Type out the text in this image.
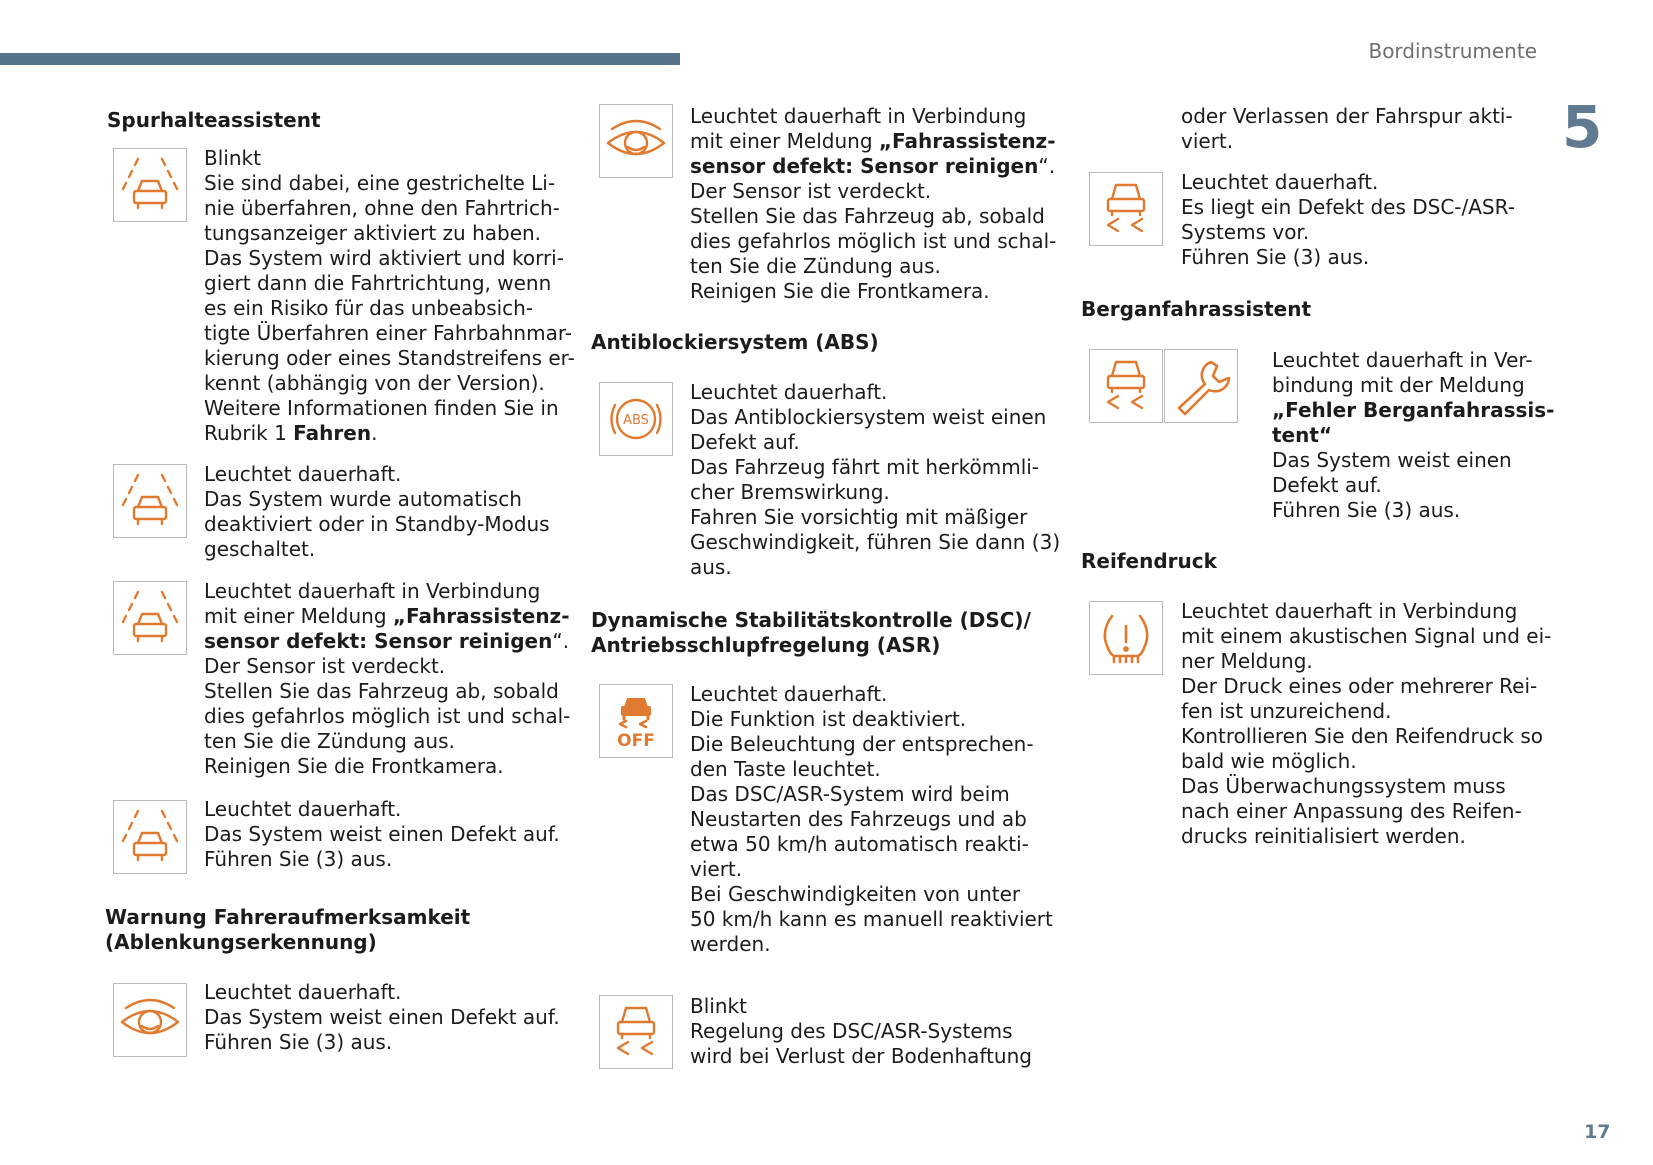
Bordinstrumente
5
17
Spurhalteassistent
Blinkt
Sie sind dabei, eine gestrichelte Li-
nie überfahren, ohne den Fahrtrich-
tungsanzeiger aktiviert zu haben.
Das System wird aktiviert und korri-
giert dann die Fahrtrichtung, wenn
es ein Risiko für das unbeabsich-
tigte Überfahren einer Fahrbahnmar-
kierung oder eines Standstreifens er-
kennt (abhängig von der Version).
Weitere Informationen finden Sie in
Rubrik 1 Fahren.
Leuchtet dauerhaft.
Das System wurde automatisch
deaktiviert oder in Standby-Modus
geschaltet.
Leuchtet dauerhaft in Verbindung
mit einer Meldung „Fahrassistenz-
sensor defekt: Sensor reinigen“.
Der Sensor ist verdeckt.
Stellen Sie das Fahrzeug ab, sobald
dies gefahrlos möglich ist und schal-
ten Sie die Zündung aus.
Reinigen Sie die Frontkamera.
Leuchtet dauerhaft.
Das System weist einen Defekt auf.
Führen Sie (3) aus.
Warnung Fahreraufmerksamkeit
(Ablenkungserkennung)
Leuchtet dauerhaft.
Das System weist einen Defekt auf.
Führen Sie (3) aus.
Leuchtet dauerhaft in Verbindung
mit einer Meldung „Fahrassistenz-
sensor defekt: Sensor reinigen“.
Der Sensor ist verdeckt.
Stellen Sie das Fahrzeug ab, sobald
dies gefahrlos möglich ist und schal-
ten Sie die Zündung aus.
Reinigen Sie die Frontkamera.
Antiblockiersystem (ABS)
ABS
Leuchtet dauerhaft.
Das Antiblockiersystem weist einen
Defekt auf.
Das Fahrzeug fährt mit herkömmli-
cher Bremswirkung.
Fahren Sie vorsichtig mit mäßiger
Geschwindigkeit, führen Sie dann (3)
aus.
Dynamische Stabilitätskontrolle (DSC)/
Antriebsschlupfregelung (ASR)
OFF
Leuchtet dauerhaft.
Die Funktion ist deaktiviert.
Die Beleuchtung der entsprechen-
den Taste leuchtet.
Das DSC/ASR-System wird beim
Neustarten des Fahrzeugs und ab
etwa 50 km/h automatisch reakti-
viert.
Bei Geschwindigkeiten von unter
50 km/h kann es manuell reaktiviert
werden.
Blinkt
Regelung des DSC/ASR-Systems
wird bei Verlust der Bodenhaftung
oder Verlassen der Fahrspur akti-
viert.
Leuchtet dauerhaft.
Es liegt ein Defekt des DSC-/ASR-
Systems vor.
Führen Sie (3) aus.
Berganfahrassistent
Leuchtet dauerhaft in Ver-
bindung mit der Meldung
„Fehler Berganfahrassis-
tent“
Das System weist einen
Defekt auf.
Führen Sie (3) aus.
Reifendruck
Leuchtet dauerhaft in Verbindung
mit einem akustischen Signal und ei-
ner Meldung.
Der Druck eines oder mehrerer Rei-
fen ist unzureichend.
Kontrollieren Sie den Reifendruck so
bald wie möglich.
Das Überwachungssystem muss
nach einer Anpassung des Reifen-
drucks reinitialisiert werden.
